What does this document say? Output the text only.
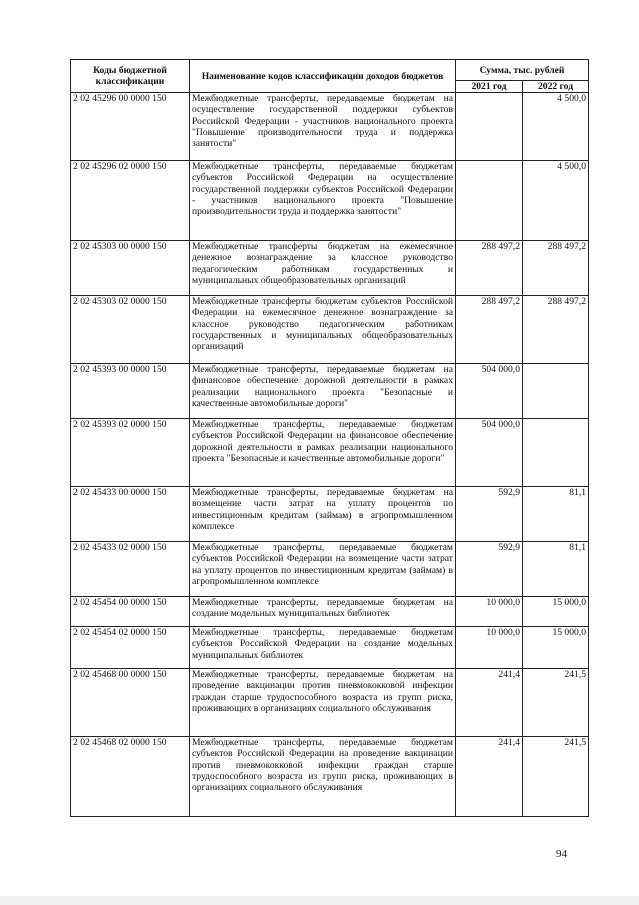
Коды бюджетной классификации	Наименование кодов классификации доходов бюджетов	Сумма, тыс. рублей	
		2021 год	2022 год
2 02 45296 00 0000 150	Межбюджетные трансферты, передаваемые бюджетам на осуществление государственной поддержки субъектов Российской Федерации - участников национального проекта "Повышение производительности труда и поддержка занятости"		4 500,0
2 02 45296 02 0000 150	Межбюджетные трансферты, передаваемые бюджетам субъектов Российской Федерации на осуществление государственной поддержки субъектов Российской Федерации - участников национального проекта "Повышение производительности труда и поддержка занятости"		4 500,0
2 02 45303 00 0000 150	Межбюджетные трансферты бюджетам на ежемесячное денежное вознаграждение за классное руководство педагогическим работникам государственных и муниципальных общеобразовательных организаций	288 497,2	288 497,2
2 02 45303 02 0000 150	Межбюджетные трансферты бюджетам субъектов Российской Федерации на ежемесячное денежное вознаграждение за классное руководство педагогическим работникам государственных и муниципальных общеобразовательных организаций	288 497,2	288 497,2
2 02 45393 00 0000 150	Межбюджетные трансферты, передаваемые бюджетам на финансовое обеспечение дорожной деятельности в рамках реализации национального проекта "Безопасные и качественные автомобильные дороги"	504 000,0	
2 02 45393 02 0000 150	Межбюджетные трансферты, передаваемые бюджетам субъектов Российской Федерации на финансовое обеспечение дорожной деятельности в рамках реализации национального проекта "Безопасные и качественные автомобильные дороги"	504 000,0	
2 02 45433 00 0000 150	Межбюджетные трансферты, передаваемые бюджетам на возмещение части затрат на уплату процентов по инвестиционным кредитам (займам) в агропромышленном комплексе	592,9	81,1
2 02 45433 02 0000 150	Межбюджетные трансферты, передаваемые бюджетам субъектов Российской Федерации на возмещение части затрат на уплату процентов по инвестиционным кредитам (займам) в агропромышленном комплексе	592,9	81,1
2 02 45454 00 0000 150	Межбюджетные трансферты, передаваемые бюджетам на создание модельных муниципальных библиотек	10 000,0	15 000,0
2 02 45454 02 0000 150	Межбюджетные трансферты, передаваемые бюджетам субъектов Российской Федерации на создание модельных муниципальных библиотек	10 000,0	15 000,0
2 02 45468 00 0000 150	Межбюджетные трансферты, передаваемые бюджетам на проведение вакцинации против пневмококковой инфекции граждан старше трудоспособного возраста из групп риска, проживающих в организациях социального обслуживания	241,4	241,5
2 02 45468 02 0000 150	Межбюджетные трансферты, передаваемые бюджетам субъектов Российской Федерации на проведение вакцинации против пневмококковой инфекции граждан старше трудоспособного возраста из групп риска, проживающих в организациях социального обслуживания	241,4	241,5
94
